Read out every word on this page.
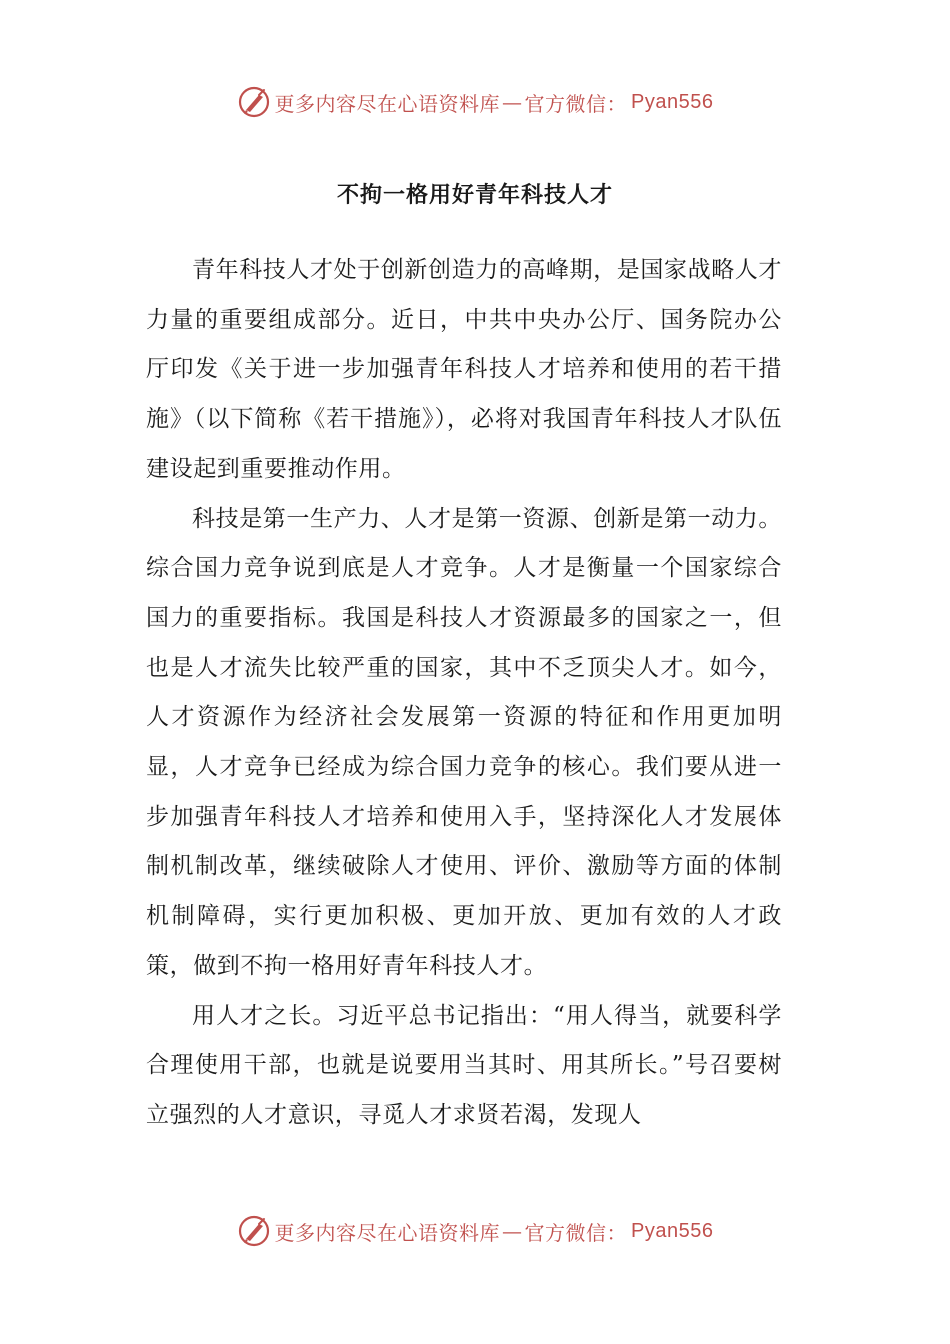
更多内容尽在心语资料库 — 官方微信： Pyan556
不拘一格用好青年科技人才

青年科技人才处于创新创造力的高峰期，是国家战略人才力量的重要组成部分。近日，中共中央办公厅、国务院办公厅印发《关于进一步加强青年科技人才培养和使用的若干措施》（以下简称《若干措施》），必将对我国青年科技人才队伍建设起到重要推动作用。

科技是第一生产力、人才是第一资源、创新是第一动力。综合国力竞争说到底是人才竞争。人才是衡量一个国家综合国力的重要指标。我国是科技人才资源最多的国家之一，但也是人才流失比较严重的国家，其中不乏顶尖人才。如今，人才资源作为经济社会发展第一资源的特征和作用更加明显，人才竞争已经成为综合国力竞争的核心。我们要从进一步加强青年科技人才培养和使用入手，坚持深化人才发展体制机制改革，继续破除人才使用、评价、激励等方面的体制机制障碍，实行更加积极、更加开放、更加有效的人才政策，做到不拘一格用好青年科技人才。

用人才之长。习近平总书记指出：“用人得当，就要科学合理使用干部，也就是说要用当其时、用其所长。”号召要树立强烈的人才意识，寻觅人才求贤若渴，发现人

更多内容尽在心语资料库 — 官方微信： Pyan556
